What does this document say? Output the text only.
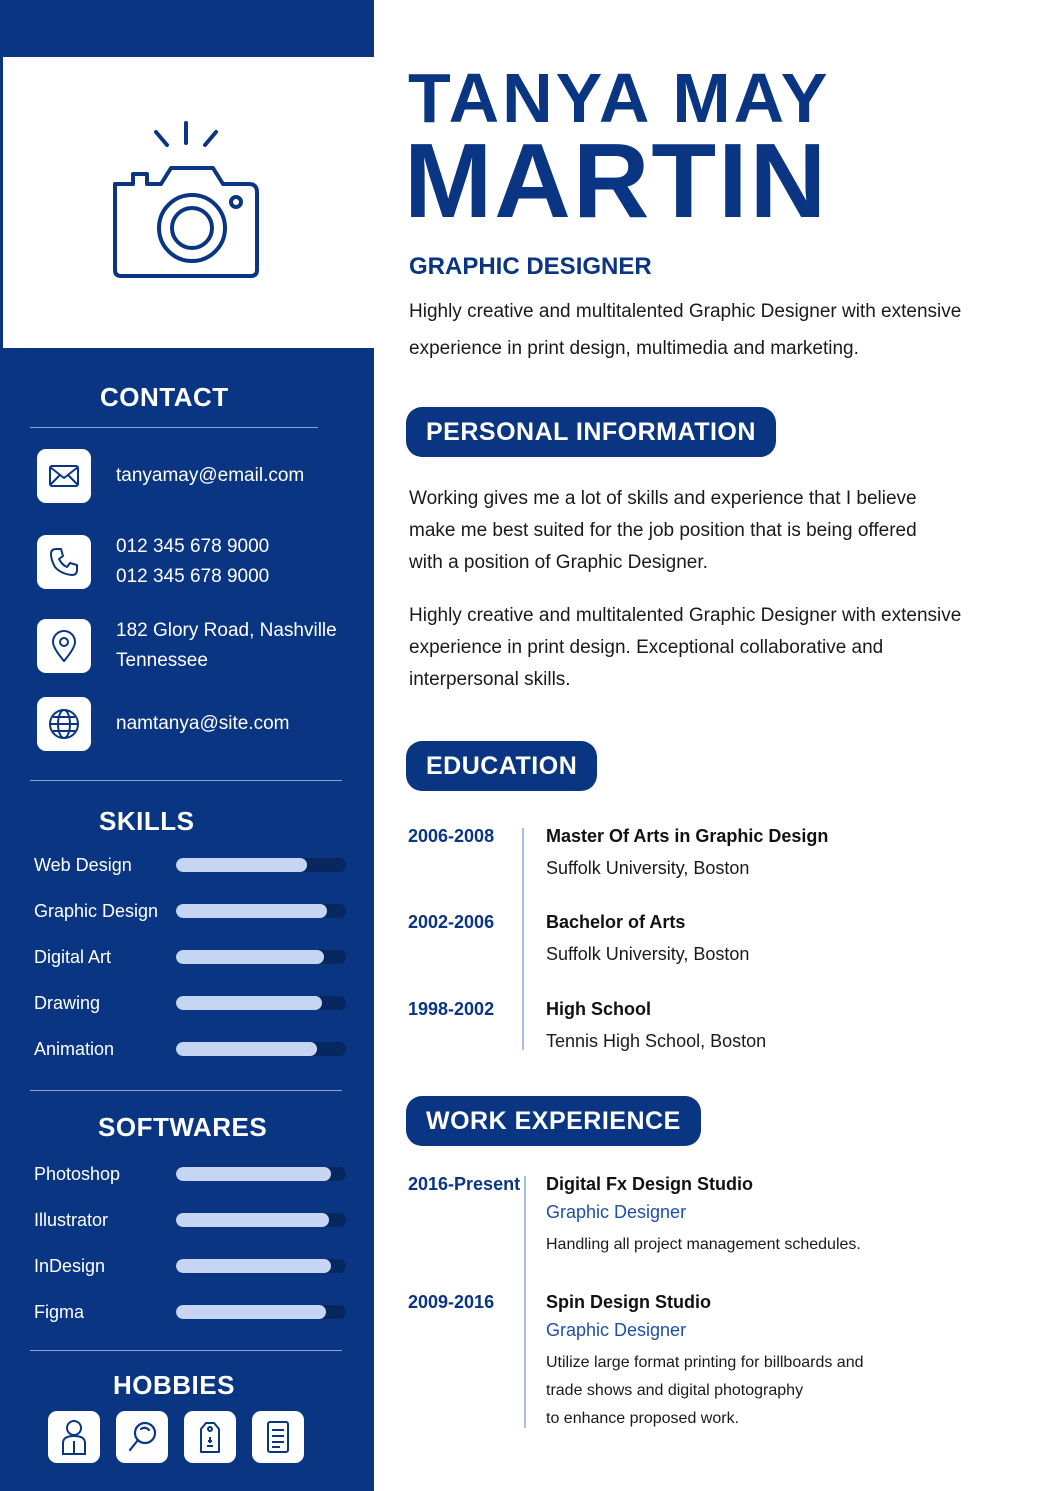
CONTACT
tanyamay@email.com
012 345 678 9000
012 345 678 9000
182 Glory Road, Nashville
Tennessee
namtanya@site.com
SKILLS
Web Design
Graphic Design
Digital Art
Drawing
Animation
SOFTWARES
Photoshop
Illustrator
InDesign
Figma
HOBBIES
TANYA MAY
MARTIN
GRAPHIC DESIGNER
Highly creative and multitalented Graphic Designer with extensive
experience in print design, multimedia and marketing.
PERSONAL INFORMATION
Working gives me a lot of skills and experience that I believe make me best suited for the job position that is being offered with a position of Graphic Designer.
Highly creative and multitalented Graphic Designer with extensive experience in print design. Exceptional collaborative and interpersonal skills.
EDUCATION
2006-2008	Master Of Arts in Graphic Design
Suffolk University, Boston
2002-2006	Bachelor of Arts
Suffolk University, Boston
1998-2002	High School
Tennis High School, Boston
WORK EXPERIENCE
2016-Present Digital Fx Design Studio
Graphic Designer
Handling all project management schedules.
2009-2016	Spin Design Studio
Graphic Designer
Utilize large format printing for billboards and
trade shows and digital photography
to enhance proposed work.
